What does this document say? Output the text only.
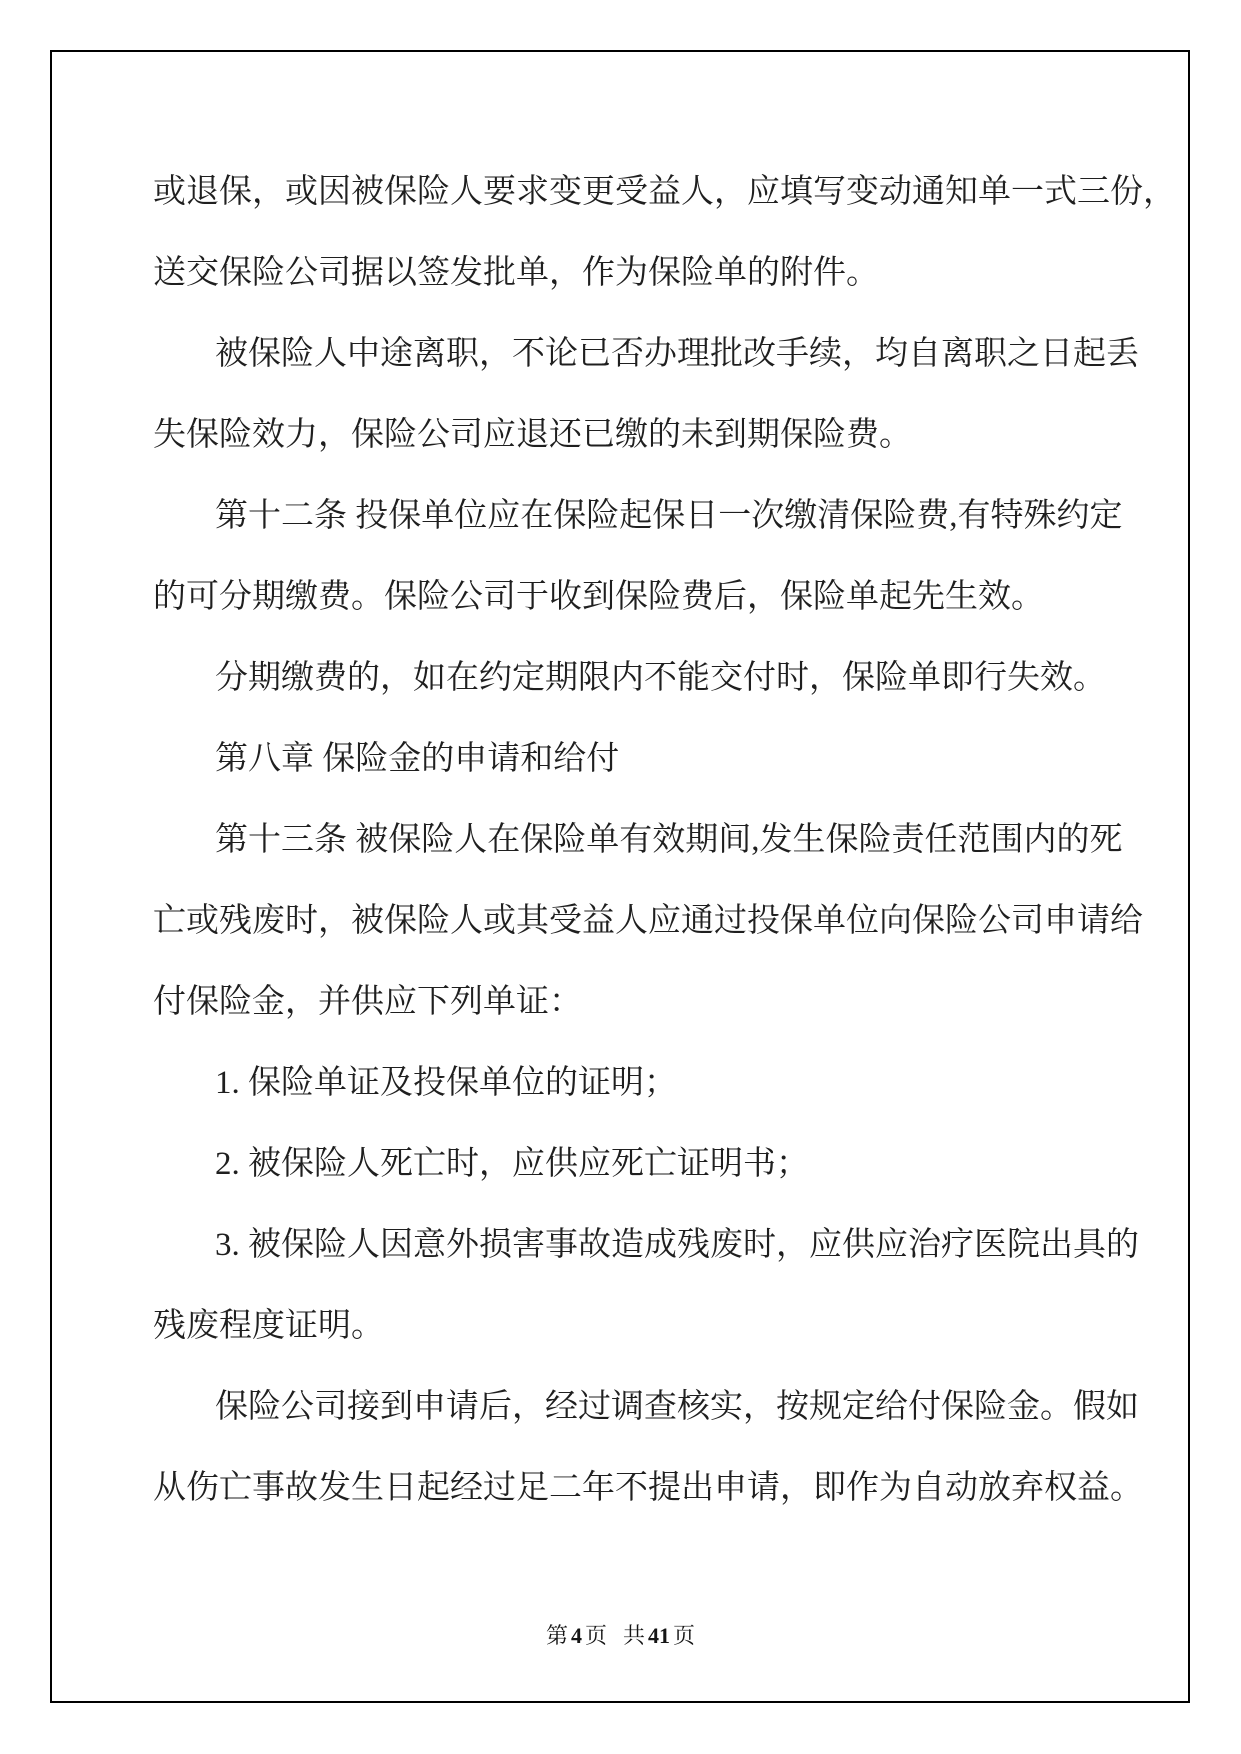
或退保，或因被保险人要求变更受益人，应填写变动通知单一式三份，
送交保险公司据以签发批单，作为保险单的附件。
被保险人中途离职，不论已否办理批改手续，均自离职之日起丢
失保险效力，保险公司应退还已缴的未到期保险费。
第十二条 投保单位应在保险起保日一次缴清保险费,有特殊约定
的可分期缴费。保险公司于收到保险费后，保险单起先生效。
分期缴费的，如在约定期限内不能交付时，保险单即行失效。
第八章 保险金的申请和给付
第十三条 被保险人在保险单有效期间,发生保险责任范围内的死
亡或残废时，被保险人或其受益人应通过投保单位向保险公司申请给
付保险金，并供应下列单证：
1. 保险单证及投保单位的证明；
2. 被保险人死亡时，应供应死亡证明书；
3. 被保险人因意外损害事故造成残废时，应供应治疗医院出具的
残废程度证明。
保险公司接到申请后，经过调查核实，按规定给付保险金。假如
从伤亡事故发生日起经过足二年不提出申请，即作为自动放弃权益。
第 4 页 共 41 页
